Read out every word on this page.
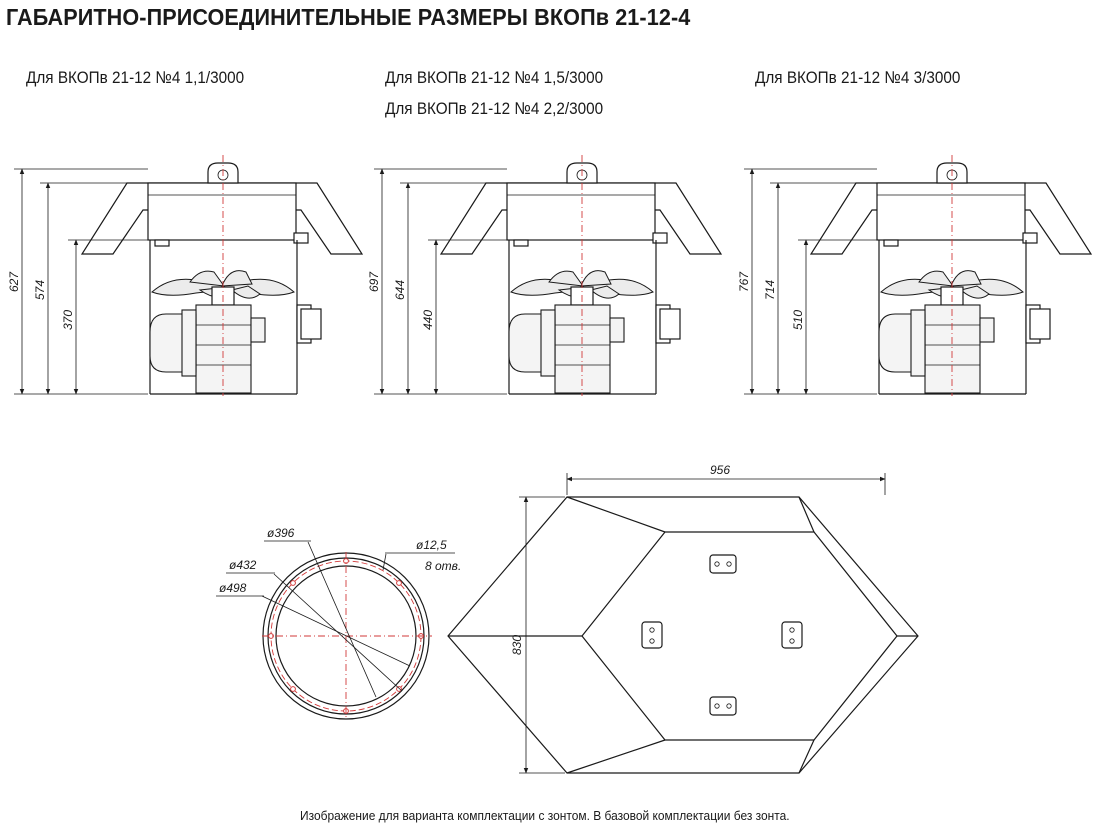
ГАБАРИТНО-ПРИСОЕДИНИТЕЛЬНЫЕ РАЗМЕРЫ ВКОПв 21-12-4
Для ВКОПв 21-12 №4 1,1/3000	Для ВКОПв 21-12 №4 1,5/3000
Для ВКОПв 21-12 №4 2,2/3000
Для ВКОПв 21-12 №4 3/3000
627 574
370
697 644
440
767 714
510
ø396
ø432
ø498
ø12,5
8 отв.
956
830
Изображение для варианта комплектации с зонтом. В базовой комплектации без зонта.
